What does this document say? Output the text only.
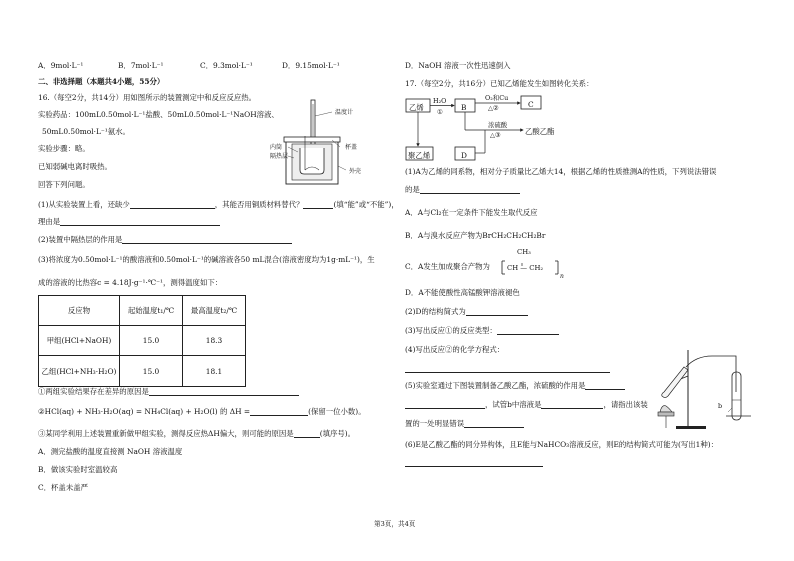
A．9mol·L⁻¹	B．7mol·L⁻¹	C．9.3mol·L⁻¹	D．9.15mol·L⁻¹
二、非选择题（本题共4小题，55分）
16.（每空2分，共14分）用如图所示的装置测定中和反应反应热。
实验药品：100mL0.50mol·L⁻¹盐酸、50mL0.50mol·L⁻¹NaOH溶液、
50mL0.50mol·L⁻¹氨水。
实验步骤：略。
已知弱碱电离时吸热。
回答下列问题。
温度计
内筒
隔热层
杯盖
外壳
(1)从实验装置上看，还缺少	，其能否用铜质材料替代？	(填“能”或“不能”)，
理由是
(2)装置中隔热层的作用是
(3)将浓度为0.50mol·L⁻¹的酸溶液和0.50mol·L⁻¹的碱溶液各50 mL混合(溶液密度均为1g·mL⁻¹)，生
成的溶液的比热容c = 4.18J·g⁻¹·℃⁻¹，测得温度如下：
反应物	起始温度t₁/℃	最高温度t₂/℃
甲组(HCl+NaOH)	15.0	18.3
乙组(HCl+NH₃·H₂O)	15.0	18.1
①两组实验结果存在差异的原因是
②HCl(aq) + NH₃·H₂O(aq) = NH₄Cl(aq) + H₂O(l) 的 ΔH =	(保留一位小数)。
③某同学利用上述装置重新做甲组实验，测得反应热ΔH偏大，则可能的原因是	(填序号)。
A．测完盐酸的温度直接测 NaOH 溶液温度
B．做该实验时室温较高
C．杯盖未盖严
D．NaOH 溶液一次性迅速倒入
17.（每空2分，共16分）已知乙烯能发生如图转化关系：
乙烯	B	C
聚乙烯	D
H₂O
①
O₂和Cu
△②
浓硫酸
△③	乙酸乙酯
(1)A为乙烯的同系物，相对分子质量比乙烯大14，根据乙烯的性质推测A的性质，下列说法错误
的是
A．A与Cl₂在一定条件下能发生取代反应
B．A与溴水反应产物为BrCH₂CH₂CH₂Br
C．A发生加成聚合产物为
CH₃
CH — CH₂
n
D．A不能使酸性高锰酸钾溶液褪色
(2)D的结构简式为
(3)写出反应①的反应类型：
(4)写出反应②的化学方程式：
(5)实验室通过下图装置制备乙酸乙酯，浓硫酸的作用是
，试管b中溶液是	，请指出该装
置的一处明显错误
b
(6)E是乙酸乙酯的同分异构体，且E能与NaHCO₃溶液反应，则E的结构简式可能为(写出1种)：
第3页，共4页
